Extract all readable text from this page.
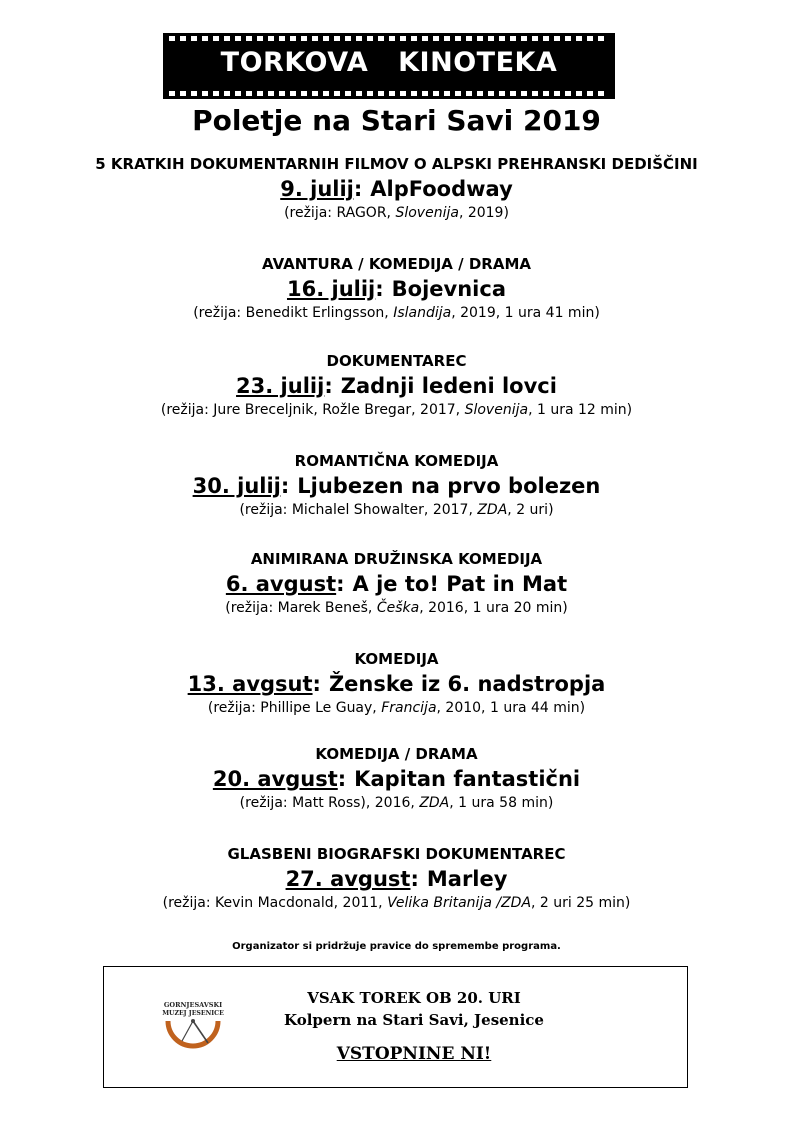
TORKOVA KINOTEKA
Poletje na Stari Savi 2019
5 KRATKIH DOKUMENTARNIH FILMOV O ALPSKI PREHRANSKI DEDIŠČINI
9. julij: AlpFoodway
(režija: RAGOR, Slovenija, 2019)
AVANTURA / KOMEDIJA / DRAMA
16. julij: Bojevnica
(režija: Benedikt Erlingsson, Islandija, 2019, 1 ura 41 min)
DOKUMENTAREC
23. julij: Zadnji ledeni lovci
(režija: Jure Breceljnik, Rožle Bregar, 2017, Slovenija, 1 ura 12 min)
ROMANTIČNA KOMEDIJA
30. julij: Ljubezen na prvo bolezen
(režija: Michalel Showalter, 2017, ZDA, 2 uri)
ANIMIRANA DRUŽINSKA KOMEDIJA
6. avgust: A je to! Pat in Mat
(režija: Marek Beneš, Češka, 2016, 1 ura 20 min)
KOMEDIJA
13. avgsut: Ženske iz 6. nadstropja
(režija: Phillipe Le Guay, Francija, 2010, 1 ura 44 min)
KOMEDIJA / DRAMA
20. avgust: Kapitan fantastični
(režija: Matt Ross), 2016, ZDA, 1 ura 58 min)
GLASBENI BIOGRAFSKI DOKUMENTAREC
27. avgust: Marley
(režija: Kevin Macdonald, 2011, Velika Britanija /ZDA, 2 uri 25 min)
Organizator si pridržuje pravice do spremembe programa.
GORNJESAVSKI
MUZEJ JESENICE
VSAK TOREK OB 20. URI
Kolpern na Stari Savi, Jesenice
VSTOPNINE NI!
